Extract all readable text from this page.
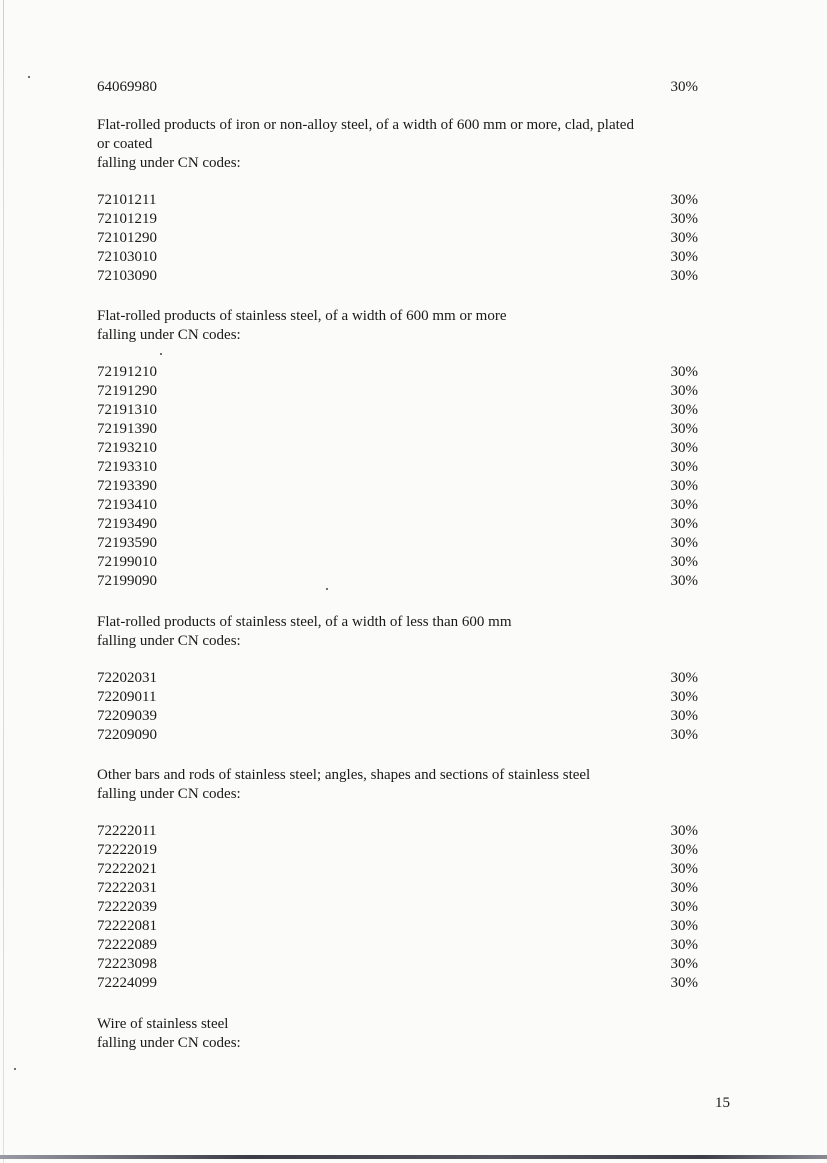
64069980	30%
Flat-rolled products of iron or non-alloy steel, of a width of 600 mm or more, clad, plated
or coated
falling under CN codes:
72101211	30%
72101219	30%
72101290	30%
72103010	30%
72103090	30%
Flat-rolled products of stainless steel, of a width of 600 mm or more
falling under CN codes:
72191210	30%
72191290	30%
72191310	30%
72191390	30%
72193210	30%
72193310	30%
72193390	30%
72193410	30%
72193490	30%
72193590	30%
72199010	30%
72199090	30%
Flat-rolled products of stainless steel, of a width of less than 600 mm
falling under CN codes:
72202031	30%
72209011	30%
72209039	30%
72209090	30%
Other bars and rods of stainless steel; angles, shapes and sections of stainless steel
falling under CN codes:
72222011	30%
72222019	30%
72222021	30%
72222031	30%
72222039	30%
72222081	30%
72222089	30%
72223098	30%
72224099	30%
Wire of stainless steel
falling under CN codes:
15
